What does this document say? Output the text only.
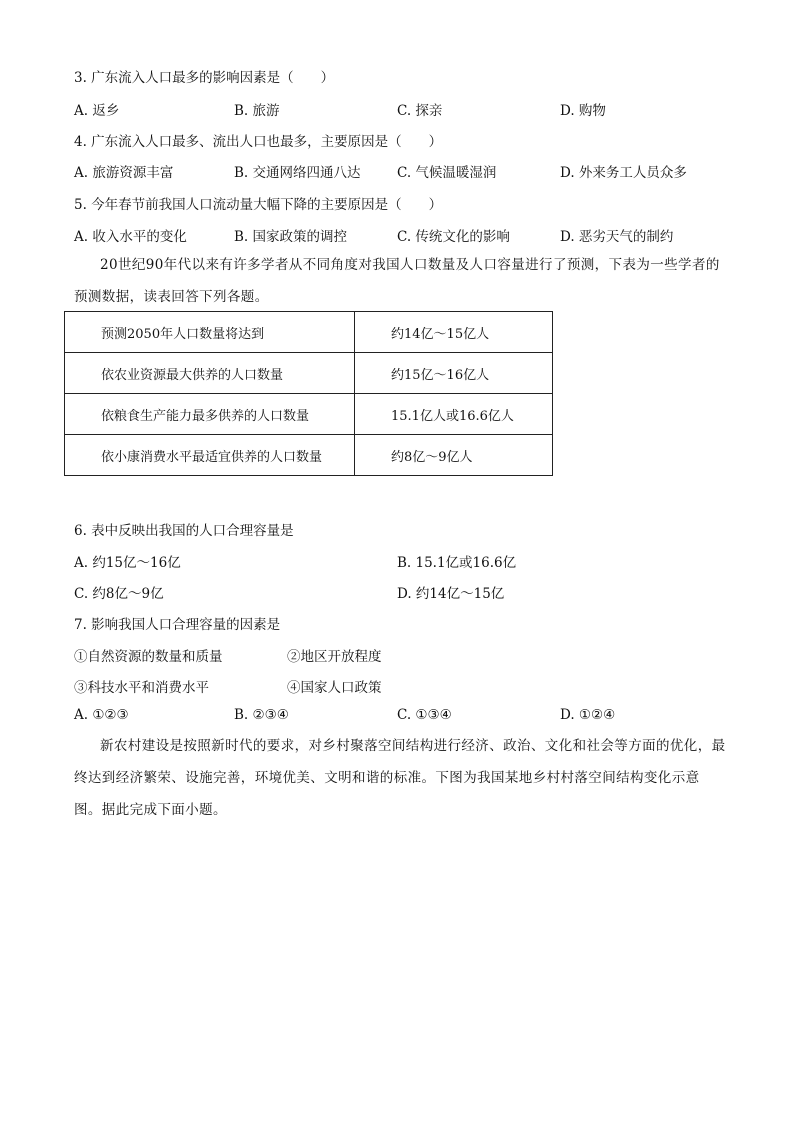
3. 广东流入人口最多的影响因素是（　　）
A. 返乡	B. 旅游	C. 探亲	D. 购物
4. 广东流入人口最多、流出人口也最多，主要原因是（　　）
A. 旅游资源丰富	B. 交通网络四通八达	C. 气候温暖湿润	D. 外来务工人员众多
5. 今年春节前我国人口流动量大幅下降的主要原因是（　　）
A. 收入水平的变化	B. 国家政策的调控	C. 传统文化的影响	D. 恶劣天气的制约
20世纪90年代以来有许多学者从不同角度对我国人口数量及人口容量进行了预测，下表为一些学者的预测数据，读表回答下列各题。
预测2050年人口数量将达到	约14亿～15亿人
依农业资源最大供养的人口数量	约15亿～16亿人
依粮食生产能力最多供养的人口数量	15.1亿人或16.6亿人
依小康消费水平最适宜供养的人口数量	约8亿～9亿人
6. 表中反映出我国的人口合理容量是
A. 约15亿～16亿	B. 15.1亿或16.6亿
C. 约8亿～9亿	D. 约14亿～15亿
7. 影响我国人口合理容量的因素是
①自然资源的数量和质量	②地区开放程度
③科技水平和消费水平	④国家人口政策
A. ①②③	B. ②③④	C. ①③④	D. ①②④
新农村建设是按照新时代的要求，对乡村聚落空间结构进行经济、政治、文化和社会等方面的优化，最终达到经济繁荣、设施完善，环境优美、文明和谐的标准。下图为我国某地乡村村落空间结构变化示意图。据此完成下面小题。
